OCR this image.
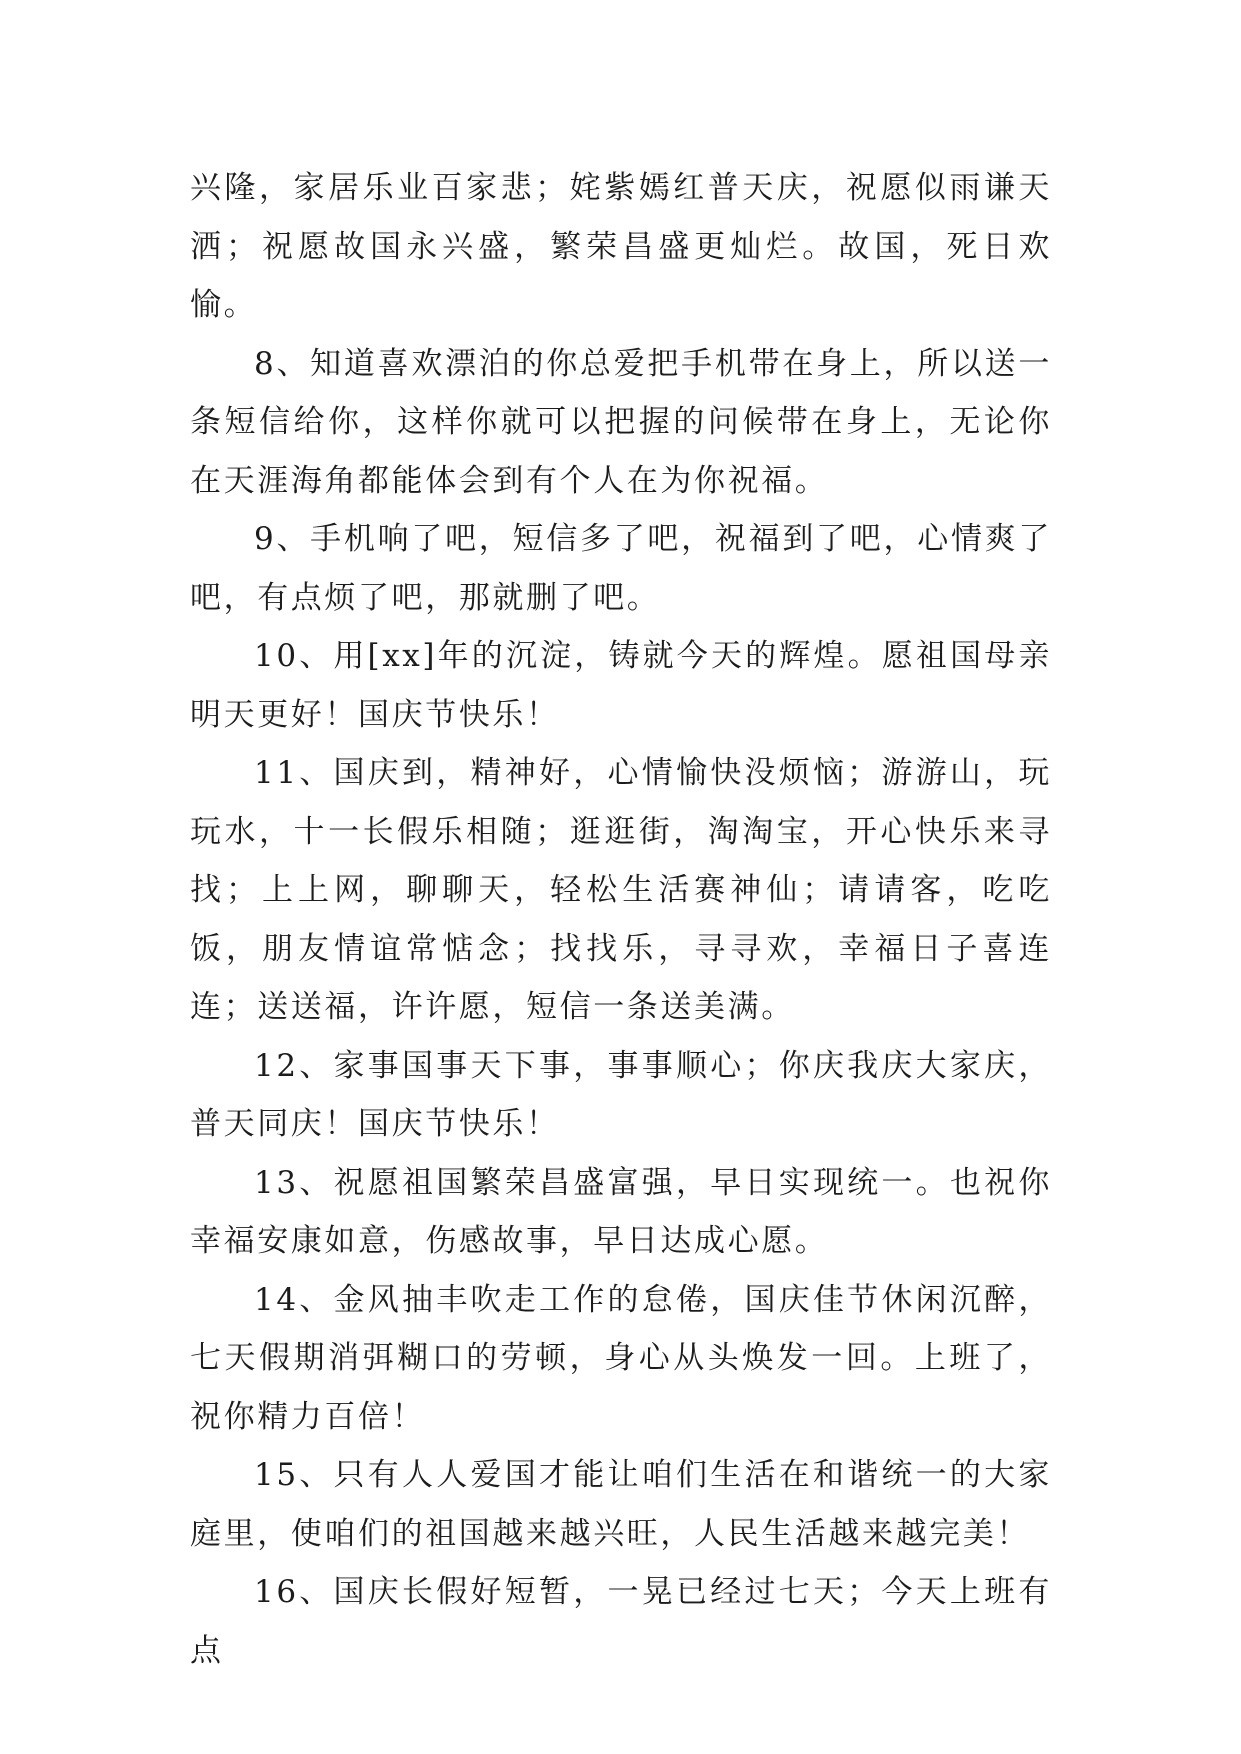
兴隆，家居乐业百家悲；姹紫嫣红普天庆，祝愿似雨谦天洒；祝愿故国永兴盛，繁荣昌盛更灿烂。故国，死日欢愉。

8、知道喜欢漂泊的你总爱把手机带在身上，所以送一条短信给你，这样你就可以把握的问候带在身上，无论你在天涯海角都能体会到有个人在为你祝福。

9、手机响了吧，短信多了吧，祝福到了吧，心情爽了吧，有点烦了吧，那就删了吧。

10、用[xx]年的沉淀，铸就今天的辉煌。愿祖国母亲明天更好！国庆节快乐！

11、国庆到，精神好，心情愉快没烦恼；游游山，玩玩水，十一长假乐相随；逛逛街，淘淘宝，开心快乐来寻找；上上网，聊聊天，轻松生活赛神仙；请请客，吃吃饭，朋友情谊常惦念；找找乐，寻寻欢，幸福日子喜连连；送送福，许许愿，短信一条送美满。

12、家事国事天下事，事事顺心；你庆我庆大家庆，普天同庆！国庆节快乐！

13、祝愿祖国繁荣昌盛富强，早日实现统一。也祝你幸福安康如意，伤感故事，早日达成心愿。

14、金风抽丰吹走工作的怠倦，国庆佳节休闲沉醉，七天假期消弭糊口的劳顿，身心从头焕发一回。上班了，祝你精力百倍！

15、只有人人爱国才能让咱们生活在和谐统一的大家庭里，使咱们的祖国越来越兴旺，人民生活越来越完美！

16、国庆长假好短暂，一晃已经过七天；今天上班有点
